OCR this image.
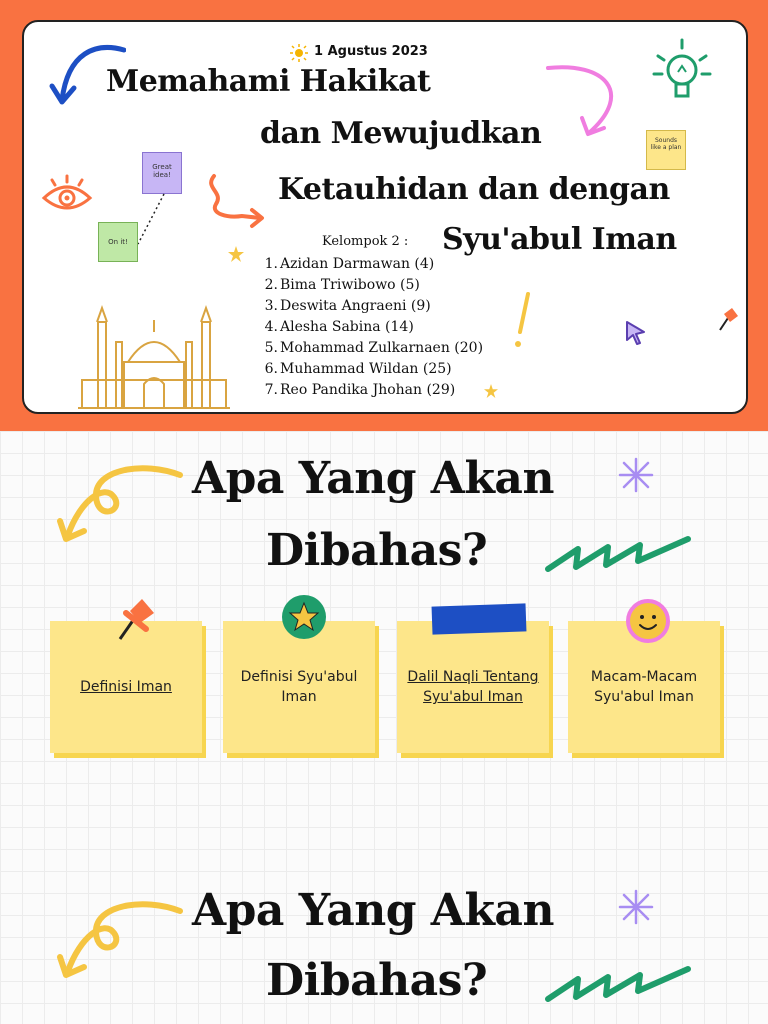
1 Agustus 2023
Memahami Hakikat
dan Mewujudkan
Ketauhidan dan dengan
Syu'abul Iman
Sounds like a plan
Great idea!
On it!	Kelompok 2 :
1. Azidan Darmawan (4)
2. Bima Triwibowo (5)
3. Deswita Angraeni (9)
4. Alesha Sabina (14)
5. Mohammad Zulkarnaen (20)
6. Muhammad Wildan (25)
7. Reo Pandika Jhohan (29)
Apa Yang Akan
Dibahas?
Definisi Iman
Definisi Syu'abul Iman
Dalil Naqli Tentang Syu'abul Iman
Macam-Macam Syu'abul Iman
Apa Yang Akan
Dibahas?
